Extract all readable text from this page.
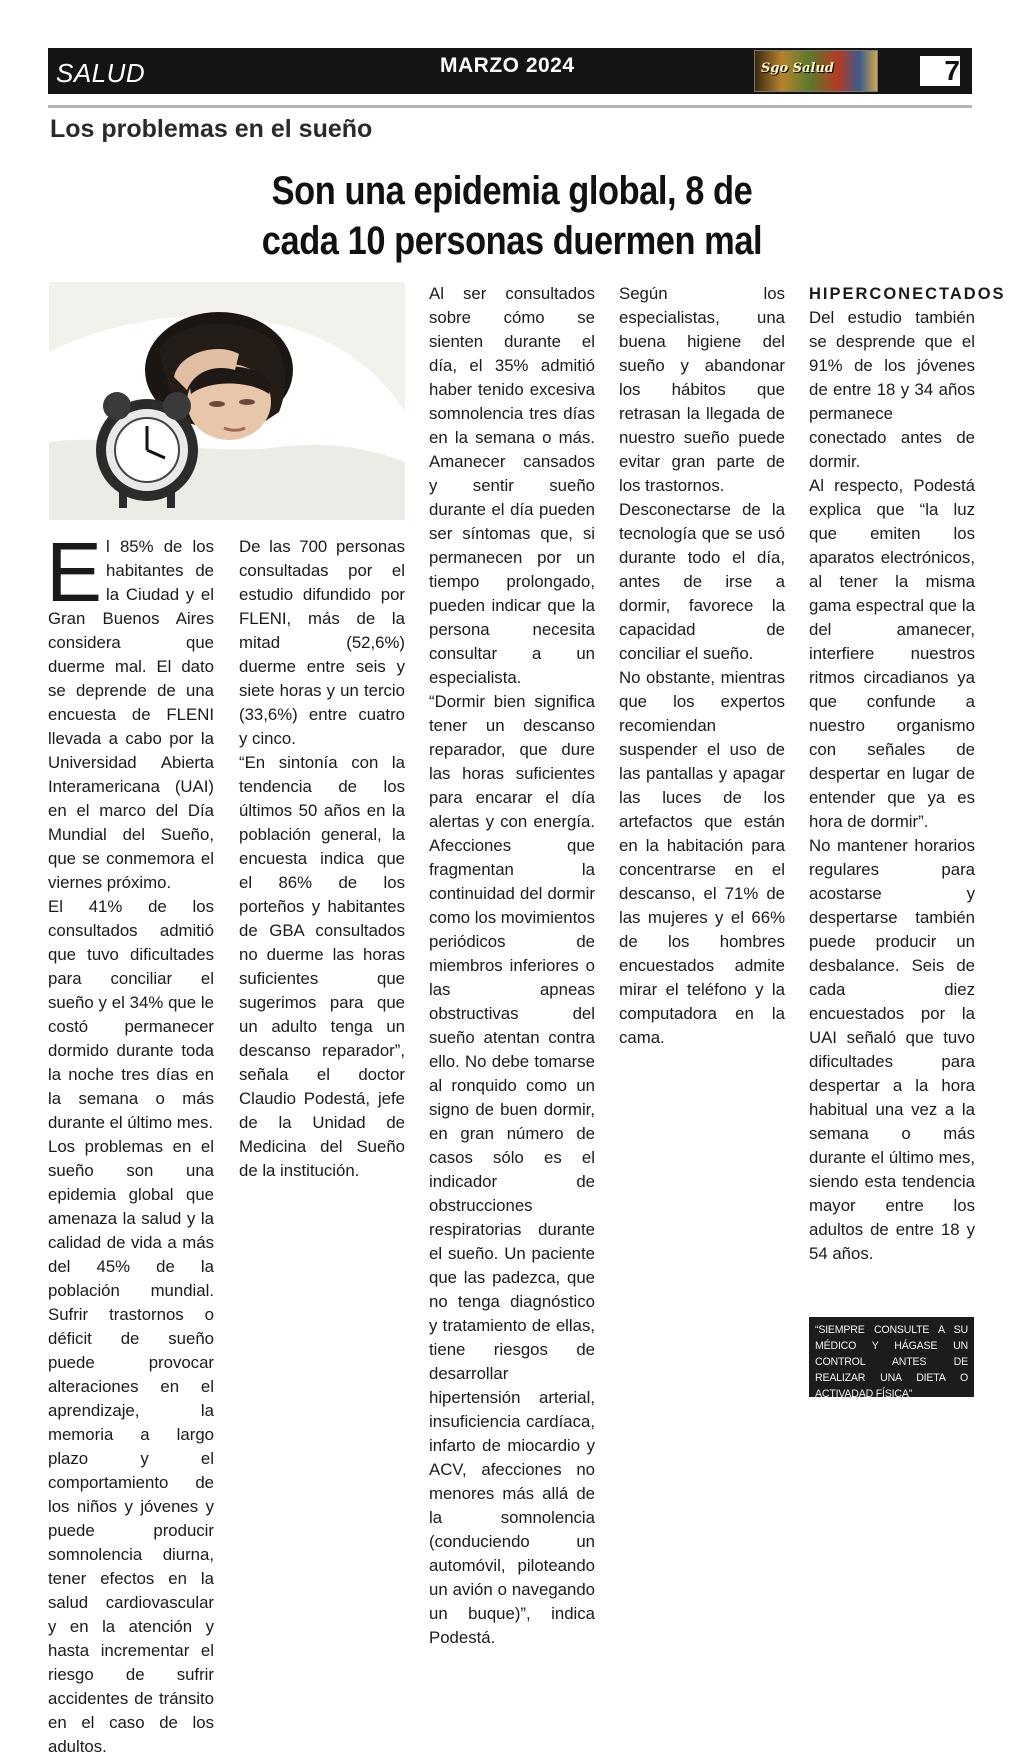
SALUD	MARZO 2024	Sgo Salud	7
Los problemas en el sueño
Son una epidemia global, 8 de cada 10 personas duermen mal
E l 85% de los habitantes de la Ciudad y el Gran Buenos Aires considera que duerme mal. El dato se deprende de una encuesta de FLENI llevada a cabo por la Universidad Abierta Interamericana (UAI) en el marco del Día Mundial del Sueño, que se conmemora el viernes próximo.

El 41% de los consultados admitió que tuvo dificultades para conciliar el sueño y el 34% que le costó permanecer dormido durante toda la noche tres días en la semana o más durante el último mes.

Los problemas en el sueño son una epidemia global que amenaza la salud y la calidad de vida a más del 45% de la población mundial. Sufrir trastornos o déficit de sueño puede provocar alteraciones en el aprendizaje, la memoria a largo plazo y el comportamiento de los niños y jóvenes y puede producir somnolencia diurna, tener efectos en la salud cardiovascular y en la atención y hasta incrementar el riesgo de sufrir accidentes de tránsito en el caso de los adultos.

De las 700 personas consultadas por el estudio difundido por FLENI, más de la mitad (52,6%) duerme entre seis y siete horas y un tercio (33,6%) entre cuatro y cinco.

“En sintonía con la tendencia de los últimos 50 años en la población general, la encuesta indica que el 86% de los porteños y habitantes de GBA consultados no duerme las horas suficientes que sugerimos para que un adulto tenga un descanso reparador”, señala el doctor Claudio Podestá, jefe de la Unidad de Medicina del Sueño de la institución.

Al ser consultados sobre cómo se sienten durante el día, el 35% admitió haber tenido excesiva somnolencia tres días en la semana o más. Amanecer cansados y sentir sueño durante el día pueden ser síntomas que, si permanecen por un tiempo prolongado, pueden indicar que la persona necesita consultar a un especialista.

“Dormir bien significa tener un descanso reparador, que dure las horas suficientes para encarar el día alertas y con energía. Afecciones que fragmentan la continuidad del dormir como los movimientos periódicos de miembros inferiores o las apneas obstructivas del sueño atentan contra ello. No debe tomarse al ronquido como un signo de buen dormir, en gran número de casos sólo es el indicador de obstrucciones respiratorias durante el sueño. Un paciente que las padezca, que no tenga diagnóstico y tratamiento de ellas, tiene riesgos de desarrollar hipertensión arterial, insuficiencia cardíaca, infarto de miocardio y ACV, afecciones no menores más allá de la somnolencia (conduciendo un automóvil, piloteando un avión o navegando un buque)”, indica Podestá.

Según los especialistas, una buena higiene del sueño y abandonar los hábitos que retrasan la llegada de nuestro sueño puede evitar gran parte de los trastornos.

Desconectarse de la tecnología que se usó durante todo el día, antes de irse a dormir, favorece la capacidad de conciliar el sueño.

No obstante, mientras que los expertos recomiendan suspender el uso de las pantallas y apagar las luces de los artefactos que están en la habitación para concentrarse en el descanso, el 71% de las mujeres y el 66% de los hombres encuestados admite mirar el teléfono y la computadora en la cama.

HIPERCONECTADOS

Del estudio también se desprende que el 91% de los jóvenes de entre 18 y 34 años permanece conectado antes de dormir.

Al respecto, Podestá explica que “la luz que emiten los aparatos electrónicos, al tener la misma gama espectral que la del amanecer, interfiere nuestros ritmos circadianos ya que confunde a nuestro organismo con señales de despertar en lugar de entender que ya es hora de dormir”.

No mantener horarios regulares para acostarse y despertarse también puede producir un desbalance. Seis de cada diez encuestados por la UAI señaló que tuvo dificultades para despertar a la hora habitual una vez a la semana o más durante el último mes, siendo esta tendencia mayor entre los adultos de entre 18 y 54 años.

“SIEMPRE CONSULTE A SU MÉDICO Y HÁGASE UN CONTROL ANTES DE REALIZAR UNA DIETA O ACTIVADAD FÍSICA”
